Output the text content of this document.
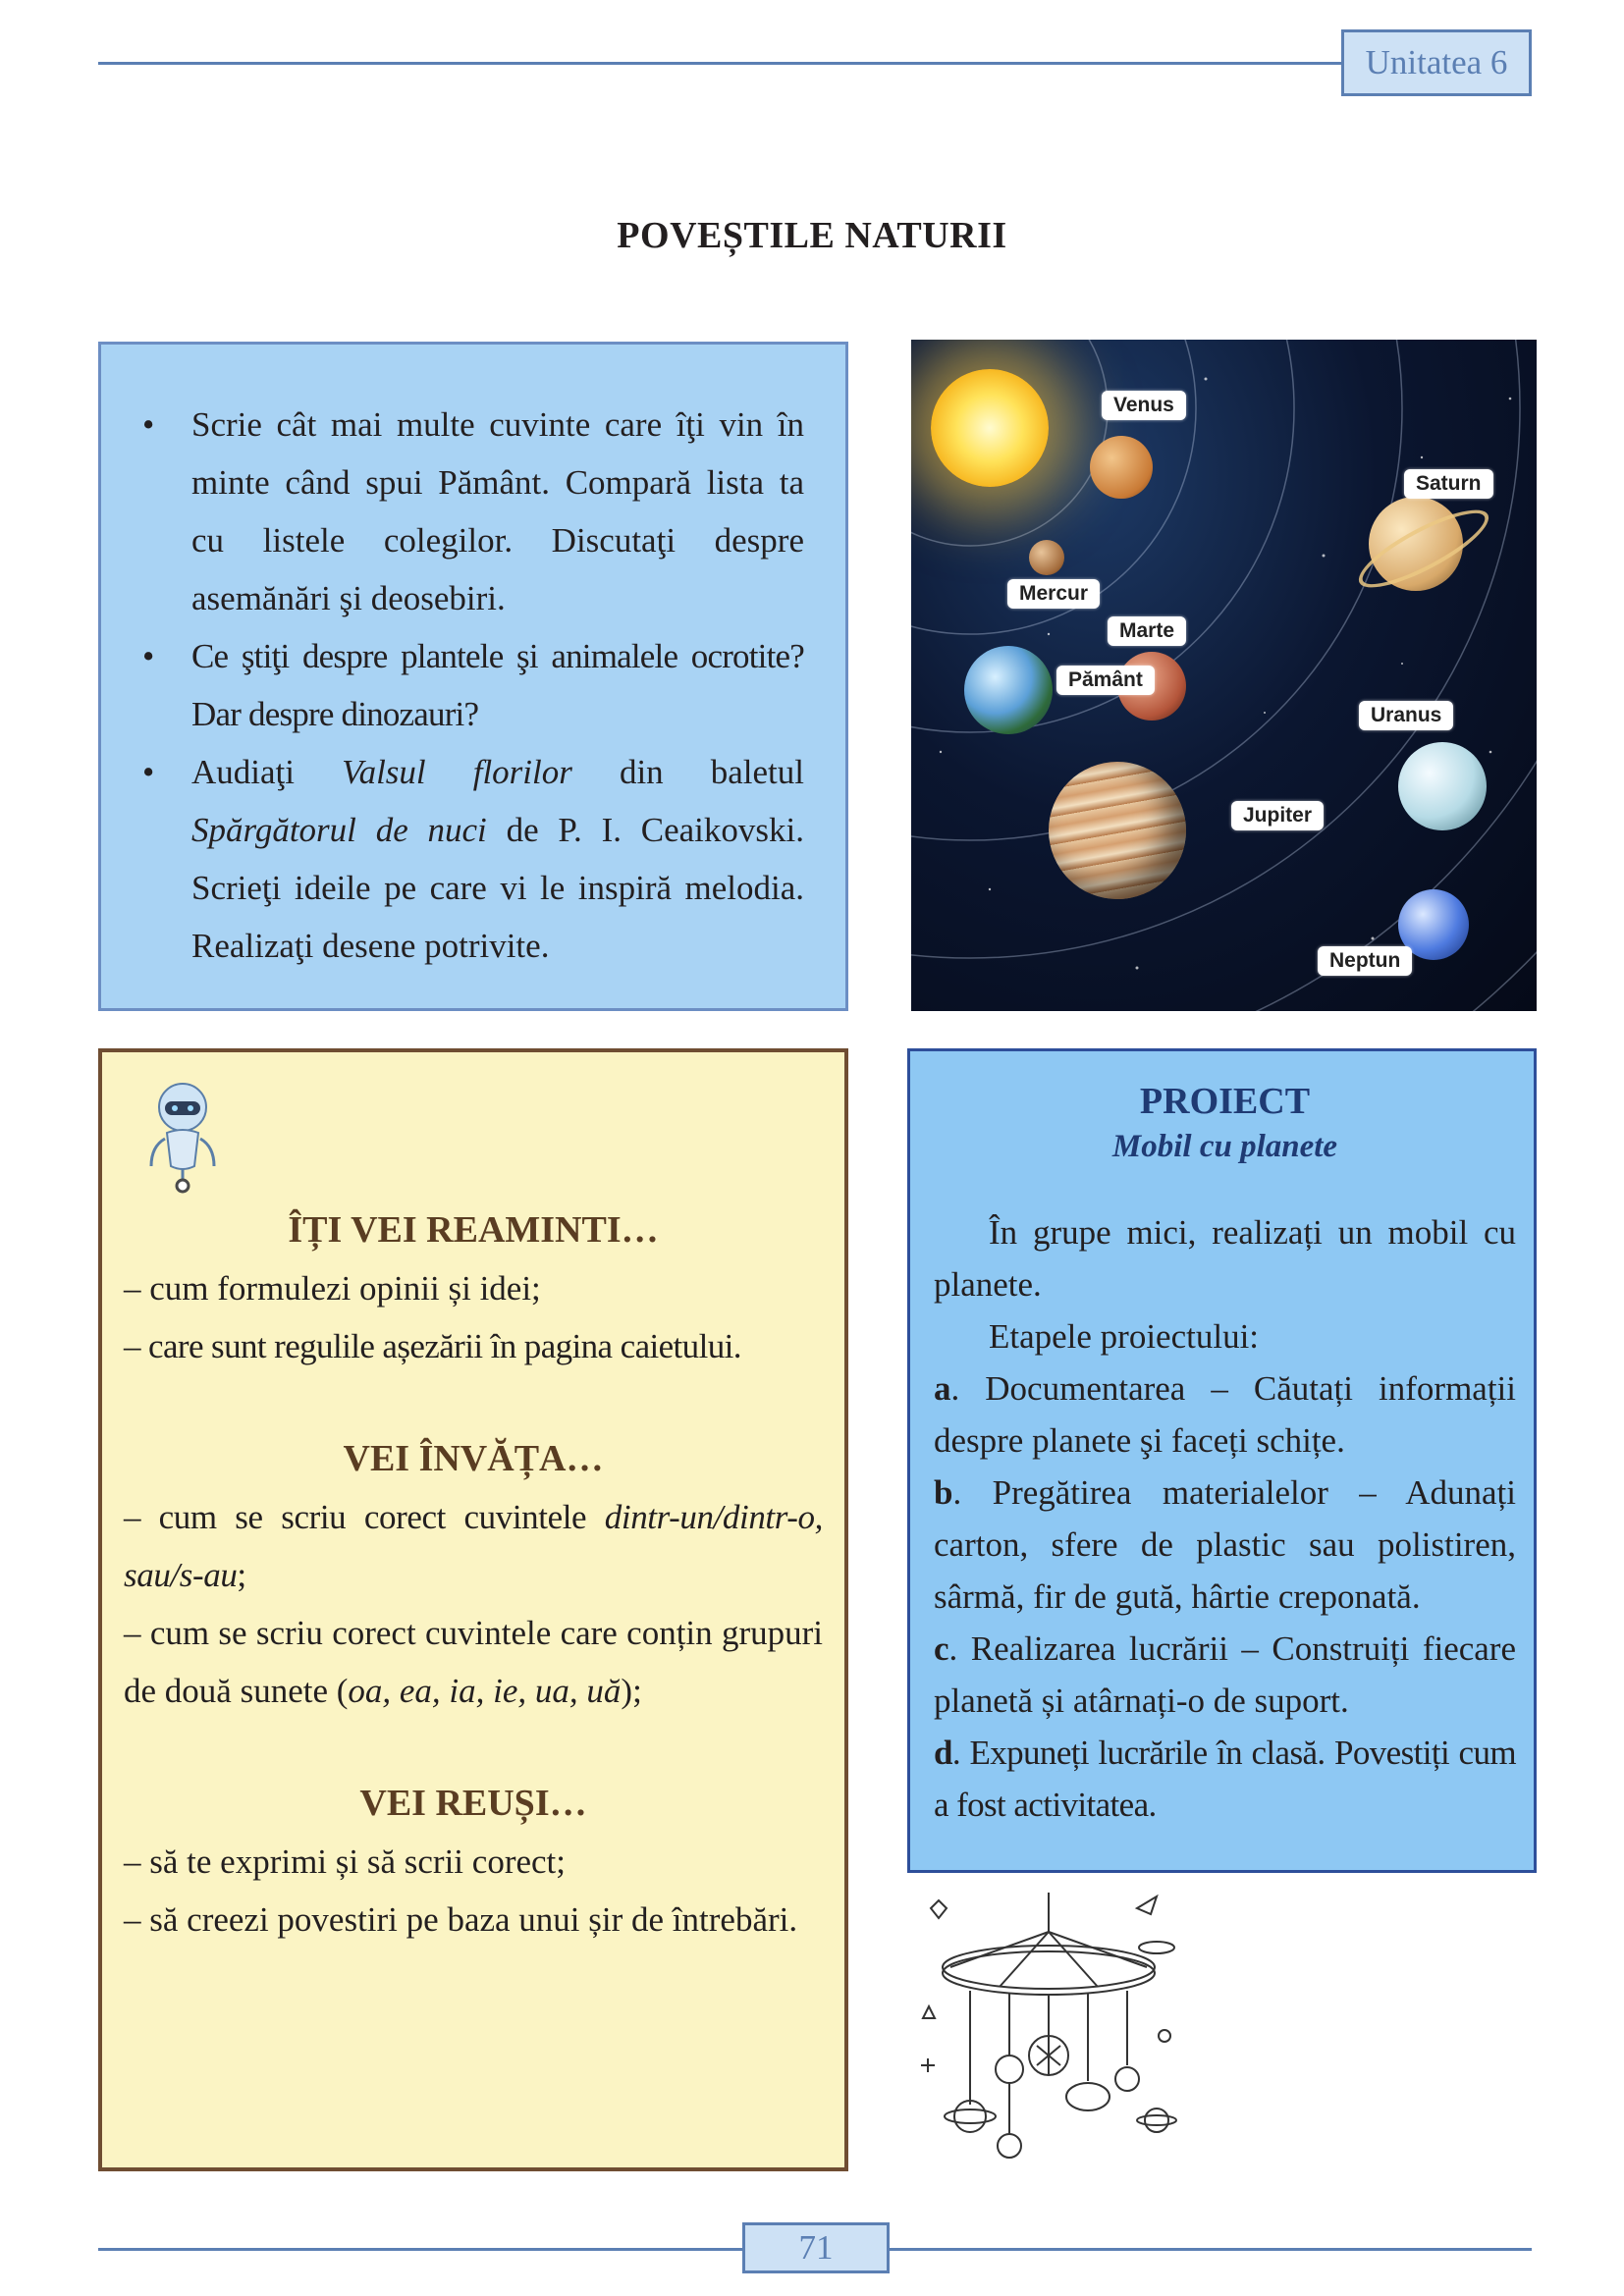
Unitatea 6
POVEȘTILE NATURII
• Scrie cât mai multe cuvinte care îţi vin în minte când spui Pământ. Compară lista ta cu listele colegilor. Discutaţi despre asemănări şi deosebiri.
• Ce ştiţi despre plantele şi animalele ocrotite? Dar despre dinozauri?
• Audiaţi Valsul florilor din baletul Spărgătorul de nuci de P. I. Ceaikovski. Scrieţi ideile pe care vi le inspiră melodia. Realizaţi desene potrivite.
Venus
Saturn
Mercur
Marte
Pământ
Uranus
Jupiter
Neptun
ÎȚI VEI REAMINTI…
– cum formulezi opinii și idei;
– care sunt regulile așezării în pagina caietului.
VEI ÎNVĂȚA…
– cum se scriu corect cuvintele dintr-un/dintr-o, sau/s-au;
– cum se scriu corect cuvintele care conțin grupuri de două sunete (oa, ea, ia, ie, ua, uă);
VEI REUȘI…
– să te exprimi și să scrii corect;
– să creezi povestiri pe baza unui șir de întrebări.
PROIECT
Mobil cu planete
În grupe mici, realizați un mobil cu planete.
Etapele proiectului:
a. Documentarea – Căutați informații despre planete şi faceți schițe.
b. Pregătirea materialelor – Adunați carton, sfere de plastic sau polistiren, sârmă, fir de gută, hârtie creponată.
c. Realizarea lucrării – Construiți fiecare planetă și atârnați-o de suport.
d. Expuneți lucrările în clasă. Povestiți cum a fost activitatea.
71
